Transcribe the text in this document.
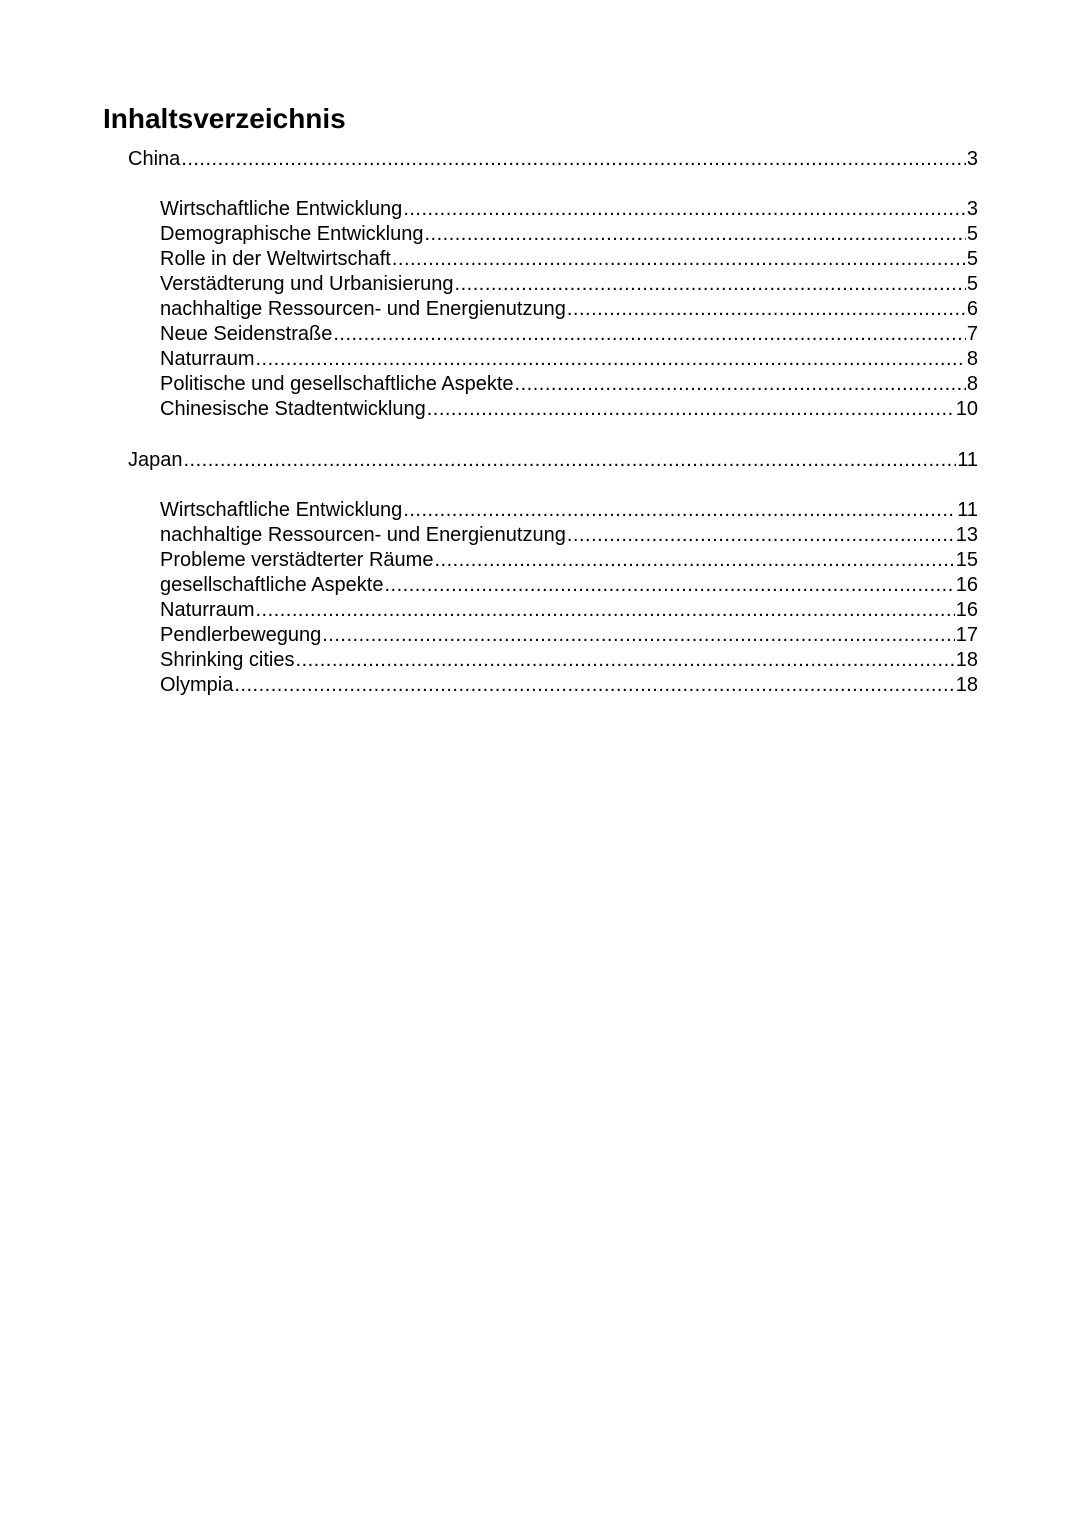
Inhaltsverzeichnis
China .....	3
Wirtschaftliche Entwicklung .....	3
Demographische Entwicklung .....	5
Rolle in der Weltwirtschaft .....	5
Verstädterung und Urbanisierung .....	5
nachhaltige Ressourcen- und Energienutzung .....	6
Neue Seidenstraße .....	7
Naturraum .....	8
Politische und gesellschaftliche Aspekte .....	8
Chinesische Stadtentwicklung .....	10
Japan .....	11
Wirtschaftliche Entwicklung .....	11
nachhaltige Ressourcen- und Energienutzung .....	13
Probleme verstädterter Räume .....	15
gesellschaftliche Aspekte .....	16
Naturraum .....	16
Pendlerbewegung .....	17
Shrinking cities .....	18
Olympia .....	18
